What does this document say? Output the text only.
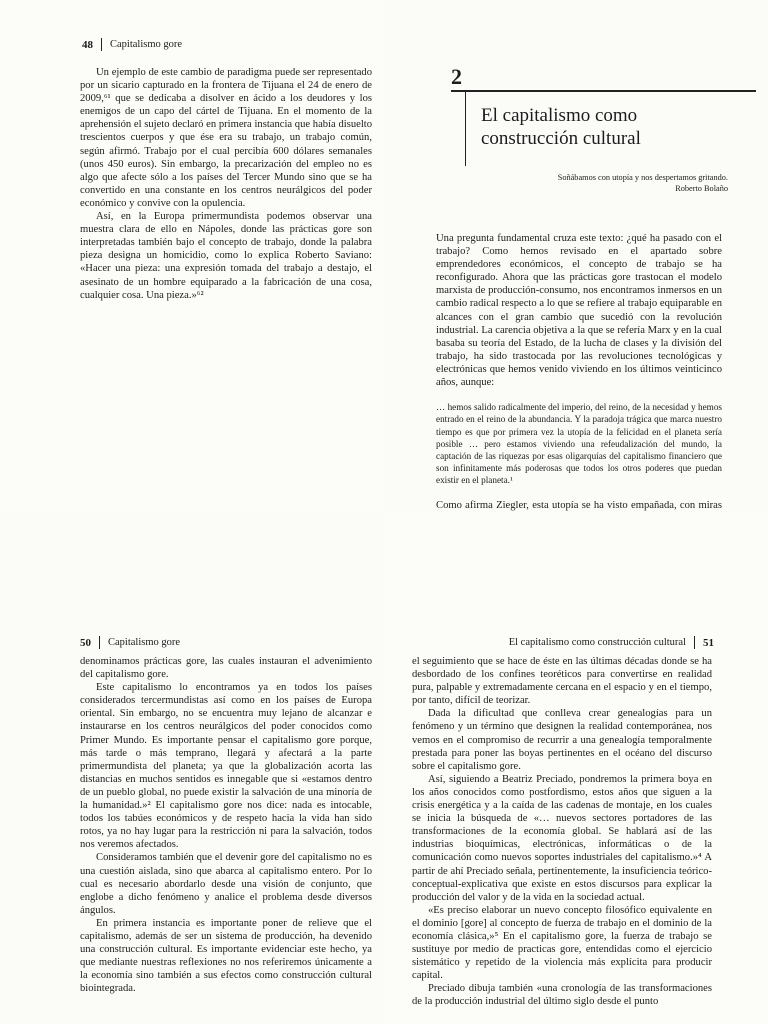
48 Capitalismo gore

Un ejemplo de este cambio de paradigma puede ser representado por un sicario capturado en la frontera de Tijuana el 24 de enero de 2009,⁶¹ que se dedicaba a disolver en ácido a los deudores y los enemigos de un capo del cártel de Tijuana. En el momento de la aprehensión el sujeto declaró en primera instancia que había disuelto trescientos cuerpos y que ése era su trabajo, un trabajo común, según afirmó. Trabajo por el cual percibía 600 dólares semanales (unos 450 euros). Sin embargo, la precarización del empleo no es algo que afecte sólo a los países del Tercer Mundo sino que se ha convertido en una constante en los centros neurálgicos del poder económico y convive con la opulencia.

Así, en la Europa primermundista podemos observar una muestra clara de ello en Nápoles, donde las prácticas gore son interpretadas también bajo el concepto de trabajo, donde la palabra pieza designa un homicidio, como lo explica Roberto Saviano: «Hacer una pieza: una expresión tomada del trabajo a destajo, el asesinato de un hombre equiparado a la fabricación de una cosa, cualquier cosa. Una pieza.»⁶²

2
El capitalismo como
construcción cultural
Soñábamos con utopía y nos despertamos gritando.
Roberto Bolaño

Una pregunta fundamental cruza este texto: ¿qué ha pasado con el trabajo? Como hemos revisado en el apartado sobre emprendedores económicos, el concepto de trabajo se ha reconfigurado. Ahora que las prácticas gore trastocan el modelo marxista de producción-consumo, nos encontramos inmersos en un cambio radical respecto a lo que se refiere al trabajo equiparable en alcances con el gran cambio que sucedió con la revolución industrial. La carencia objetiva a la que se refería Marx y en la cual basaba su teoría del Estado, de la lucha de clases y la división del trabajo, ha sido trastocada por las revoluciones tecnológicas y electrónicas que hemos venido viviendo en los últimos veinticinco años, aunque:

… hemos salido radicalmente del imperio, del reino, de la necesidad y hemos entrado en el reino de la abundancia. Y la paradoja trágica que marca nuestro tiempo es que por primera vez la utopía de la felicidad en el planeta sería posible … pero estamos viviendo una refeudalización del mundo, la captación de las riquezas por esas oligarquías del capitalismo financiero que son infinitamente más poderosas que todos los otros poderes que puedan existir en el planeta.¹

Como afirma Ziegler, esta utopía se ha visto empañada, con miras

50 Capitalismo gore

denominamos prácticas gore, las cuales instauran el advenimiento del capitalismo gore.

Este capitalismo lo encontramos ya en todos los países considerados tercermundistas así como en los países de Europa oriental. Sin embargo, no se encuentra muy lejano de alcanzar e instaurarse en los centros neurálgicos del poder conocidos como Primer Mundo. Es importante pensar el capitalismo gore porque, más tarde o más temprano, llegará y afectará a la parte primermundista del planeta; ya que la globalización acorta las distancias en muchos sentidos es innegable que si «estamos dentro de un pueblo global, no puede existir la salvación de una minoría de la humanidad.»² El capitalismo gore nos dice: nada es intocable, todos los tabúes económicos y de respeto hacia la vida han sido rotos, ya no hay lugar para la restricción ni para la salvación, todos nos veremos afectados.

Consideramos también que el devenir gore del capitalismo no es una cuestión aislada, sino que abarca al capitalismo entero. Por lo cual es necesario abordarlo desde una visión de conjunto, que englobe a dicho fenómeno y analice el problema desde diversos ángulos.

En primera instancia es importante poner de relieve que el capitalismo, además de ser un sistema de producción, ha devenido una construcción cultural. Es importante evidenciar este hecho, ya que mediante nuestras reflexiones no nos referiremos únicamente a la economía sino también a sus efectos como construcción cultural biointegrada.

El capitalismo como construcción cultural 51

el seguimiento que se hace de éste en las últimas décadas donde se ha desbordado de los confines teoréticos para convertirse en realidad pura, palpable y extremadamente cercana en el espacio y en el tiempo, por tanto, difícil de teorizar.

Dada la dificultad que conlleva crear genealogías para un fenómeno y un término que designen la realidad contemporánea, nos vemos en el compromiso de recurrir a una genealogía temporalmente prestada para poner las boyas pertinentes en el océano del discurso sobre el capitalismo gore.

Así, siguiendo a Beatriz Preciado, pondremos la primera boya en los años conocidos como postfordismo, estos años que siguen a la crisis energética y a la caída de las cadenas de montaje, en los cuales se inicia la búsqueda de «… nuevos sectores portadores de las transformaciones de la economía global. Se hablará así de las industrias bioquímicas, electrónicas, informáticas o de la comunicación como nuevos soportes industriales del capitalismo.»⁴ A partir de ahí Preciado señala, pertinentemente, la insuficiencia teórico-conceptual-explicativa que existe en estos discursos para explicar la producción del valor y de la vida en la sociedad actual.

«Es preciso elaborar un nuevo concepto filosófico equivalente en el dominio [gore] al concepto de fuerza de trabajo en el dominio de la economía clásica,»⁵ En el capitalismo gore, la fuerza de trabajo se sustituye por medio de practicas gore, entendidas como el ejercicio sistemático y repetido de la violencia más explícita para producir capital.

Preciado dibuja también «una cronología de las transformaciones de la producción industrial del último siglo desde el punto
